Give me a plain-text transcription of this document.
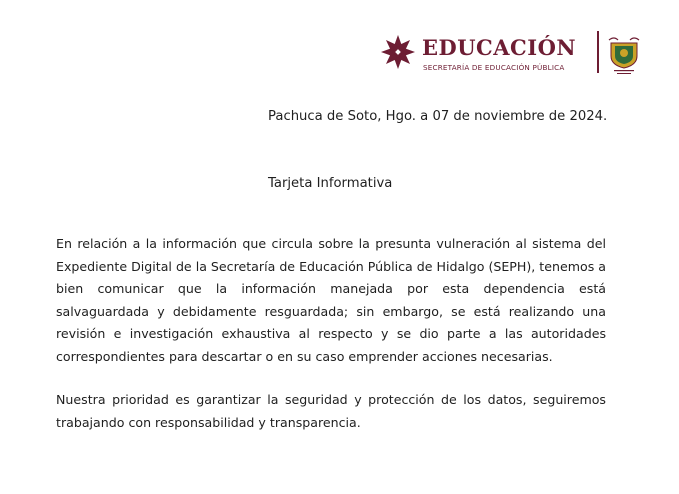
EDUCACIÓN
SECRETARÍA DE EDUCACIÓN PÚBLICA
Pachuca de Soto, Hgo. a 07 de noviembre de 2024.
Tarjeta Informativa
En relación a la información que circula sobre la presunta vulneración al sistema del Expediente Digital de la Secretaría de Educación Pública de Hidalgo (SEPH), tenemos a bien comunicar que la información manejada por esta dependencia está salvaguardada y debidamente resguardada; sin embargo, se está realizando una revisión e investigación exhaustiva al respecto y se dio parte a las autoridades correspondientes para descartar o en su caso emprender acciones necesarias.
Nuestra prioridad es garantizar la seguridad y protección de los datos, seguiremos trabajando con responsabilidad y transparencia.
